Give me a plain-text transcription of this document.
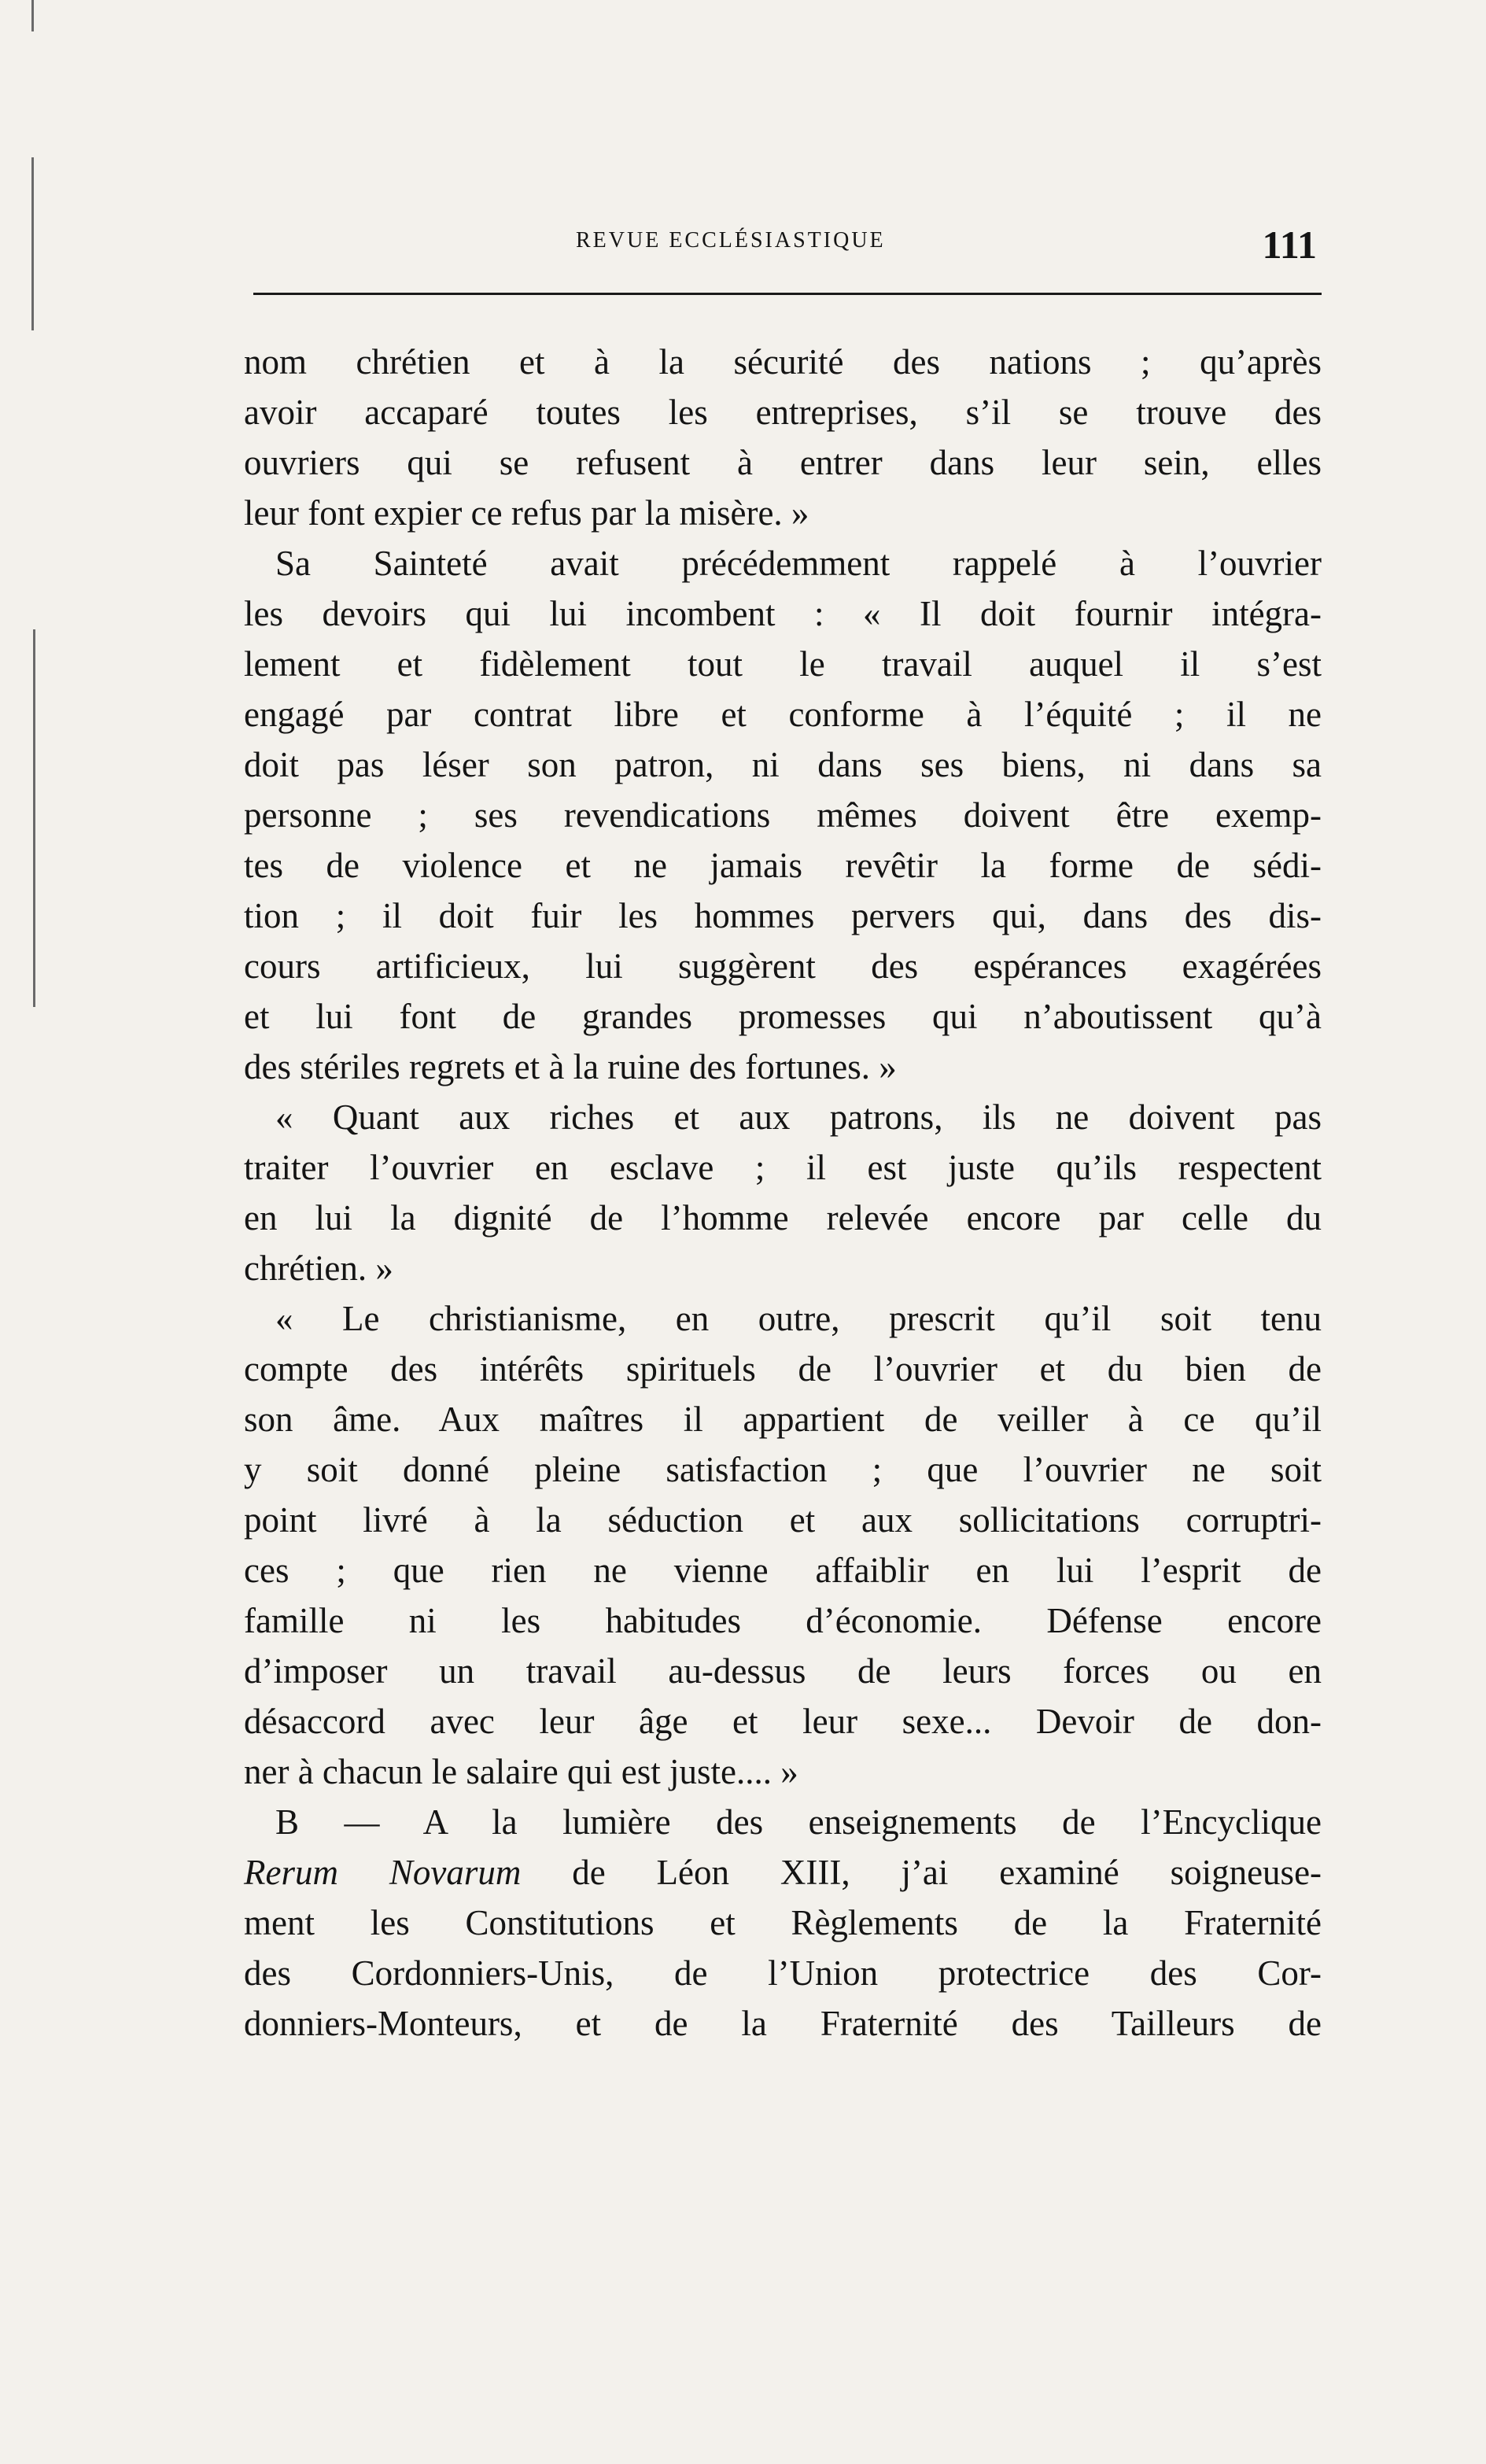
REVUE ECCLÉSIASTIQUE	111
nom chrétien et à la sécurité des nations ; qu’après
avoir accaparé toutes les entreprises, s’il se trouve des
ouvriers qui se refusent à entrer dans leur sein, elles
leur font expier ce refus par la misère. »
Sa Sainteté avait précédemment rappelé à l’ouvrier
les devoirs qui lui incombent : « Il doit fournir intégra-
lement et fidèlement tout le travail auquel il s’est
engagé par contrat libre et conforme à l’équité ; il ne
doit pas léser son patron, ni dans ses biens, ni dans sa
personne ; ses revendications mêmes doivent être exemp-
tes de violence et ne jamais revêtir la forme de sédi-
tion ; il doit fuir les hommes pervers qui, dans des dis-
cours artificieux, lui suggèrent des espérances exagérées
et lui font de grandes promesses qui n’aboutissent qu’à
des stériles regrets et à la ruine des fortunes. »
« Quant aux riches et aux patrons, ils ne doivent pas
traiter l’ouvrier en esclave ; il est juste qu’ils respectent
en lui la dignité de l’homme relevée encore par celle du
chrétien. »
« Le christianisme, en outre, prescrit qu’il soit tenu
compte des intérêts spirituels de l’ouvrier et du bien de
son âme. Aux maîtres il appartient de veiller à ce qu’il
y soit donné pleine satisfaction ; que l’ouvrier ne soit
point livré à la séduction et aux sollicitations corruptri-
ces ; que rien ne vienne affaiblir en lui l’esprit de
famille ni les habitudes d’économie. Défense encore
d’imposer un travail au-dessus de leurs forces ou en
désaccord avec leur âge et leur sexe... Devoir de don-
ner à chacun le salaire qui est juste.... »
B — A la lumière des enseignements de l’Encyclique
Rerum Novarum de Léon XIII, j’ai examiné soigneuse-
ment les Constitutions et Règlements de la Fraternité
des Cordonniers-Unis, de l’Union protectrice des Cor-
donniers-Monteurs, et de la Fraternité des Tailleurs de
